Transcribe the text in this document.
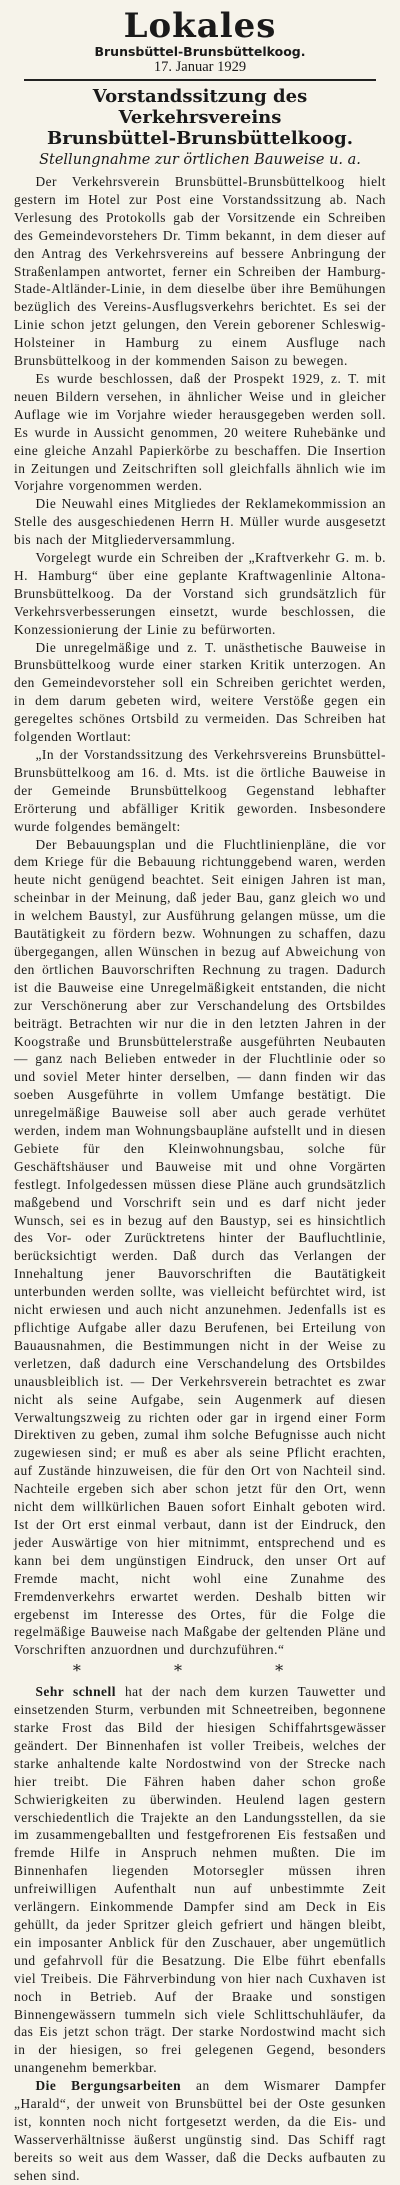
Lokales
Brunsbüttel-Brunsbüttelkoog.
17. Januar 1929
Vorstandssitzung des Verkehrsvereins
Brunsbüttel-Brunsbüttelkoog.
Stellungnahme zur örtlichen Bauweise u. a.

Der Verkehrsverein Brunsbüttel-Brunsbüttelkoog hielt gestern im Hotel zur Post eine Vorstandssitzung ab. Nach Verlesung des Protokolls gab der Vorsitzende ein Schreiben des Gemeindevorstehers Dr. Timm bekannt, in dem dieser auf den Antrag des Verkehrsvereins auf bessere Anbringung der Straßenlampen antwortet, ferner ein Schreiben der Hamburg-Stade-Altländer-Linie, in dem dieselbe über ihre Bemühungen bezüglich des Vereins-Ausflugsverkehrs berichtet. Es sei der Linie schon jetzt gelungen, den Verein geborener Schleswig-Holsteiner in Hamburg zu einem Ausfluge nach Brunsbüttelkoog in der kommenden Saison zu bewegen.

Es wurde beschlossen, daß der Prospekt 1929, z. T. mit neuen Bildern versehen, in ähnlicher Weise und in gleicher Auflage wie im Vorjahre wieder herausgegeben werden soll. Es wurde in Aussicht genommen, 20 weitere Ruhebänke und eine gleiche Anzahl Papierkörbe zu beschaffen. Die Insertion in Zeitungen und Zeitschriften soll gleichfalls ähnlich wie im Vorjahre vorgenommen werden.

Die Neuwahl eines Mitgliedes der Reklamekommission an Stelle des ausgeschiedenen Herrn H. Müller wurde ausgesetzt bis nach der Mitgliederversammlung.

Vorgelegt wurde ein Schreiben der „Kraftverkehr G. m. b. H. Hamburg“ über eine geplante Kraftwagenlinie Altona-Brunsbüttelkoog. Da der Vorstand sich grundsätzlich für Verkehrsverbesserungen einsetzt, wurde beschlossen, die Konzessionierung der Linie zu befürworten.

Die unregelmäßige und z. T. unästhetische Bauweise in Brunsbüttelkoog wurde einer starken Kritik unterzogen. An den Gemeindevorsteher soll ein Schreiben gerichtet werden, in dem darum gebeten wird, weitere Verstöße gegen ein geregeltes schönes Ortsbild zu vermeiden. Das Schreiben hat folgenden Wortlaut:

„In der Vorstandssitzung des Verkehrsvereins Brunsbüttel-Brunsbüttelkoog am 16. d. Mts. ist die örtliche Bauweise in der Gemeinde Brunsbüttelkoog Gegenstand lebhafter Erörterung und abfälliger Kritik geworden. Insbesondere wurde folgendes bemängelt:

Der Bebauungsplan und die Fluchtlinienpläne, die vor dem Kriege für die Bebauung richtunggebend waren, werden heute nicht genügend beachtet. Seit einigen Jahren ist man, scheinbar in der Meinung, daß jeder Bau, ganz gleich wo und in welchem Baustyl, zur Ausführung gelangen müsse, um die Bautätigkeit zu fördern bezw. Wohnungen zu schaffen, dazu übergegangen, allen Wünschen in bezug auf Abweichung von den örtlichen Bauvorschriften Rechnung zu tragen. Dadurch ist die Bauweise eine Unregelmäßigkeit entstanden, die nicht zur Verschönerung aber zur Verschandelung des Ortsbildes beiträgt. Betrachten wir nur die in den letzten Jahren in der Koogstraße und Brunsbüttelerstraße ausgeführten Neubauten — ganz nach Belieben entweder in der Fluchtlinie oder so und soviel Meter hinter derselben, — dann finden wir das soeben Ausgeführte in vollem Umfange bestätigt. Die unregelmäßige Bauweise soll aber auch gerade verhütet werden, indem man Wohnungsbaupläne aufstellt und in diesen Gebiete für den Kleinwohnungsbau, solche für Geschäftshäuser und Bauweise mit und ohne Vorgärten festlegt. Infolgedessen müssen diese Pläne auch grundsätzlich maßgebend und Vorschrift sein und es darf nicht jeder Wunsch, sei es in bezug auf den Baustyp, sei es hinsichtlich des Vor- oder Zurücktretens hinter der Baufluchtlinie, berücksichtigt werden. Daß durch das Verlangen der Innehaltung jener Bauvorschriften die Bautätigkeit unterbunden werden sollte, was vielleicht befürchtet wird, ist nicht erwiesen und auch nicht anzunehmen. Jedenfalls ist es pflichtige Aufgabe aller dazu Berufenen, bei Erteilung von Bauausnahmen, die Bestimmungen nicht in der Weise zu verletzen, daß dadurch eine Verschandelung des Ortsbildes unausbleiblich ist. — Der Verkehrsverein betrachtet es zwar nicht als seine Aufgabe, sein Augenmerk auf diesen Verwaltungszweig zu richten oder gar in irgend einer Form Direktiven zu geben, zumal ihm solche Befugnisse auch nicht zugewiesen sind; er muß es aber als seine Pflicht erachten, auf Zustände hinzuweisen, die für den Ort von Nachteil sind. Nachteile ergeben sich aber schon jetzt für den Ort, wenn nicht dem willkürlichen Bauen sofort Einhalt geboten wird. Ist der Ort erst einmal verbaut, dann ist der Eindruck, den jeder Auswärtige von hier mitnimmt, entsprechend und es kann bei dem ungünstigen Eindruck, den unser Ort auf Fremde macht, nicht wohl eine Zunahme des Fremdenverkehrs erwartet werden. Deshalb bitten wir ergebenst im Interesse des Ortes, für die Folge die regelmäßige Bauweise nach Maßgabe der geltenden Pläne und Vorschriften anzuordnen und durchzuführen.“

* * *

Sehr schnell hat der nach dem kurzen Tauwetter und einsetzenden Sturm, verbunden mit Schneetreiben, begonnene starke Frost das Bild der hiesigen Schiffahrtsgewässer geändert. Der Binnenhafen ist voller Treibeis, welches der starke anhaltende kalte Nordostwind von der Strecke nach hier treibt. Die Fähren haben daher schon große Schwierigkeiten zu überwinden. Heulend lagen gestern verschiedentlich die Trajekte an den Landungsstellen, da sie im zusammengeballten und festgefrorenen Eis festsaßen und fremde Hilfe in Anspruch nehmen mußten. Die im Binnenhafen liegenden Motorsegler müssen ihren unfreiwilligen Aufenthalt nun auf unbestimmte Zeit verlängern. Einkommende Dampfer sind am Deck in Eis gehüllt, da jeder Spritzer gleich gefriert und hängen bleibt, ein imposanter Anblick für den Zuschauer, aber ungemütlich und gefahrvoll für die Besatzung. Die Elbe führt ebenfalls viel Treibeis. Die Fährverbindung von hier nach Cuxhaven ist noch in Betrieb. Auf der Braake und sonstigen Binnengewässern tummeln sich viele Schlittschuhläufer, da das Eis jetzt schon trägt. Der starke Nordostwind macht sich in der hiesigen, so frei gelegenen Gegend, besonders unangenehm bemerkbar.

Die Bergungsarbeiten an dem Wismarer Dampfer „Harald“, der unweit von Brunsbüttel bei der Oste gesunken ist, konnten noch nicht fortgesetzt werden, da die Eis- und Wasserverhältnisse äußerst ungünstig sind. Das Schiff ragt bereits so weit aus dem Wasser, daß die Decks aufbauten zu sehen sind.
